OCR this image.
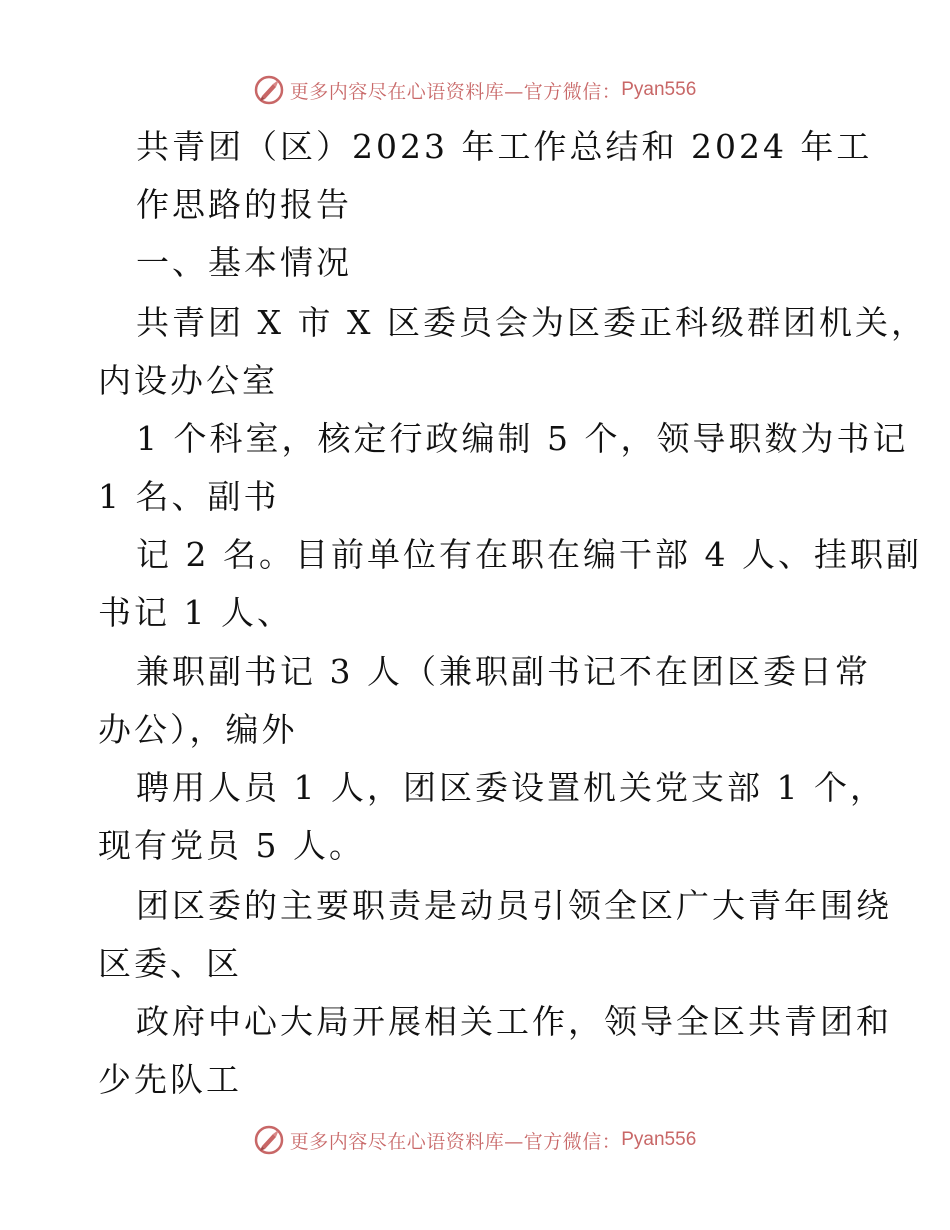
更多内容尽在心语资料库—官方微信： Pyan556
共青团（区）2023 年工作总结和 2024 年工
作思路的报告
一、基本情况

共青团 X 市 X 区委员会为区委正科级群团机关，

内设办公室

1 个科室，核定行政编制 5 个，领导职数为书记

1 名、副书

记 2 名。目前单位有在职在编干部 4 人、挂职副

书记 1 人、

兼职副书记 3 人（兼职副书记不在团区委日常

办公），编外

聘用人员 1 人，团区委设置机关党支部 1 个，

现有党员 5 人。

团区委的主要职责是动员引领全区广大青年围绕

区委、区

政府中心大局开展相关工作，领导全区共青团和

少先队工

更多内容尽在心语资料库—官方微信： Pyan556
